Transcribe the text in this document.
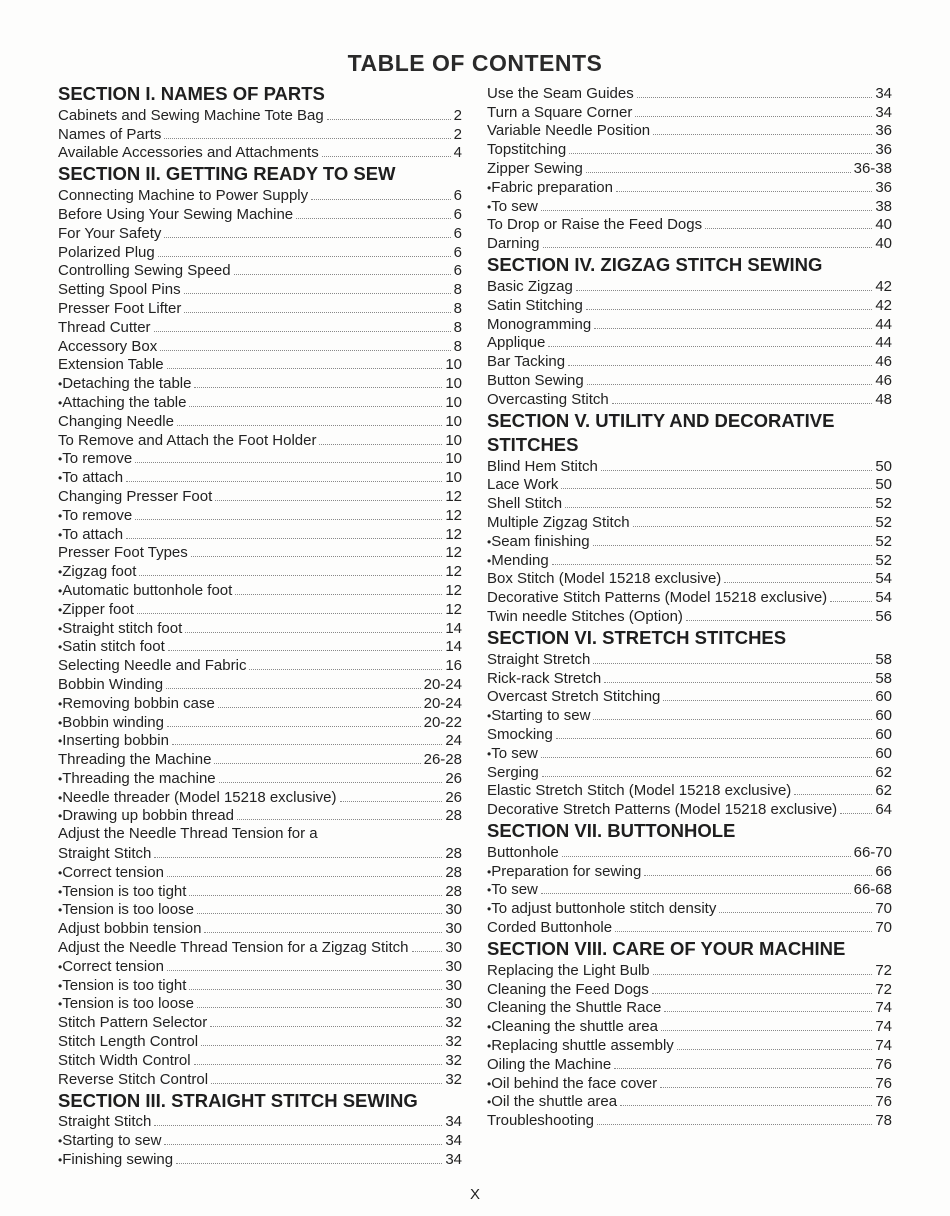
TABLE OF CONTENTS
SECTION I. NAMES OF PARTS
Cabinets and Sewing Machine Tote Bag	2
Names of Parts	2
Available Accessories and Attachments	4
SECTION II. GETTING READY TO SEW
Connecting Machine to Power Supply	6
Before Using Your Sewing Machine	6
For Your Safety	6
Polarized Plug	6
Controlling Sewing Speed	6
Setting Spool Pins	8
Presser Foot Lifter	8
Thread Cutter	8
Accessory Box	8
Extension Table	10
• Detaching the table	10
• Attaching the table	10
Changing Needle	10
To Remove and Attach the Foot Holder	10
• To remove	10
• To attach	10
Changing Presser Foot	12
• To remove	12
• To attach	12
Presser Foot Types	12
• Zigzag foot	12
• Automatic buttonhole foot	12
• Zipper foot	12
• Straight stitch foot	14
• Satin stitch foot	14
Selecting Needle and Fabric	16
Bobbin Winding	20-24
• Removing bobbin case	20-24
• Bobbin winding	20-22
• Inserting bobbin	24
Threading the Machine	26-28
• Threading the machine	26
• Needle threader (Model 15218 exclusive)	26
• Drawing up bobbin thread	28
Adjust the Needle Thread Tension for a
Straight Stitch	28
• Correct tension	28
• Tension is too tight	28
• Tension is too loose	30
Adjust bobbin tension	30
Adjust the Needle Thread Tension for a Zigzag Stitch 30
• Correct tension	30
• Tension is too tight	30
• Tension is too loose	30
Stitch Pattern Selector	32
Stitch Length Control	32
Stitch Width Control	32
Reverse Stitch Control	32
SECTION III. STRAIGHT STITCH SEWING
Straight Stitch	34
• Starting to sew	34
• Finishing sewing	34
Use the Seam Guides	34
Turn a Square Corner	34
Variable Needle Position	36
Topstitching	36
Zipper Sewing	36-38
• Fabric preparation	36
• To sew	38
To Drop or Raise the Feed Dogs	40
Darning	40
SECTION IV. ZIGZAG STITCH SEWING
Basic Zigzag	42
Satin Stitching	42
Monogramming	44
Applique	44
Bar Tacking	46
Button Sewing	46
Overcasting Stitch	48
SECTION V. UTILITY AND DECORATIVE
STITCHES
Blind Hem Stitch	50
Lace Work	50
Shell Stitch	52
Multiple Zigzag Stitch	52
• Seam finishing	52
• Mending	52
Box Stitch (Model 15218 exclusive)	54
Decorative Stitch Patterns (Model 15218 exclusive)	54
Twin needle Stitches (Option)	56
SECTION VI. STRETCH STITCHES
Straight Stretch	58
Rick-rack Stretch	58
Overcast Stretch Stitching	60
• Starting to sew	60
Smocking	60
• To sew	60
Serging	62
Elastic Stretch Stitch (Model 15218 exclusive)	62
Decorative Stretch Patterns (Model 15218 exclusive)	64
SECTION VII. BUTTONHOLE
Buttonhole	66-70
• Preparation for sewing	66
• To sew	66-68
• To adjust buttonhole stitch density	70
Corded Buttonhole	70
SECTION VIII. CARE OF YOUR MACHINE
Replacing the Light Bulb	72
Cleaning the Feed Dogs	72
Cleaning the Shuttle Race	74
• Cleaning the shuttle area	74
• Replacing shuttle assembly	74
Oiling the Machine	76
• Oil behind the face cover	76
• Oil the shuttle area	76
Troubleshooting	78
X
